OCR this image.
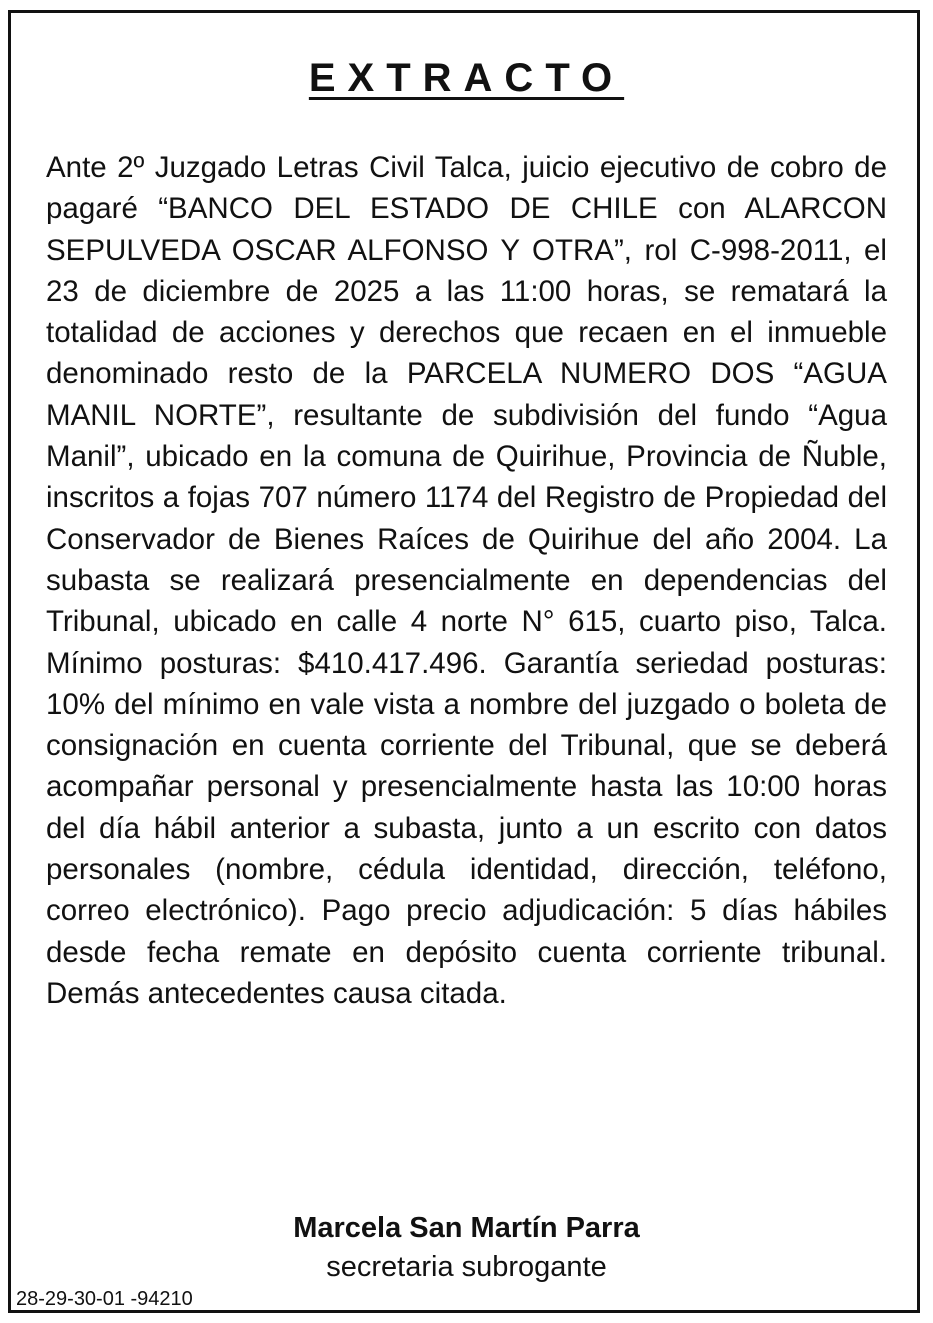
EXTRACTO

Ante 2º Juzgado Letras Civil Talca, juicio ejecutivo de cobro de pagaré “BANCO DEL ESTADO DE CHILE con ALARCON SEPULVEDA OSCAR ALFONSO Y OTRA”, rol C-998-2011, el 23 de diciembre de 2025 a las 11:00 horas, se rematará la totalidad de acciones y derechos que recaen en el inmueble denominado resto de la PARCELA NUMERO DOS “AGUA MANIL NORTE”, resultante de subdivisión del fundo “Agua Manil”, ubicado en la comuna de Quirihue, Provincia de Ñuble, inscritos a fojas 707 número 1174 del Registro de Propiedad del Conservador de Bienes Raíces de Quirihue del año 2004. La subasta se realizará presencialmente en dependencias del Tribunal, ubicado en calle 4 norte N° 615, cuarto piso, Talca. Mínimo posturas: $410.417.496. Garantía seriedad posturas: 10% del mínimo en vale vista a nombre del juzgado o boleta de consignación en cuenta corriente del Tribunal, que se deberá acompañar personal y presencialmente hasta las 10:00 horas del día hábil anterior a subasta, junto a un escrito con datos personales (nombre, cédula identidad, dirección, teléfono, correo electrónico). Pago precio adjudicación: 5 días hábiles desde fecha remate en depósito cuenta corriente tribunal. Demás antecedentes causa citada.

Marcela San Martín Parra

secretaria subrogante

28-29-30-01 -94210
